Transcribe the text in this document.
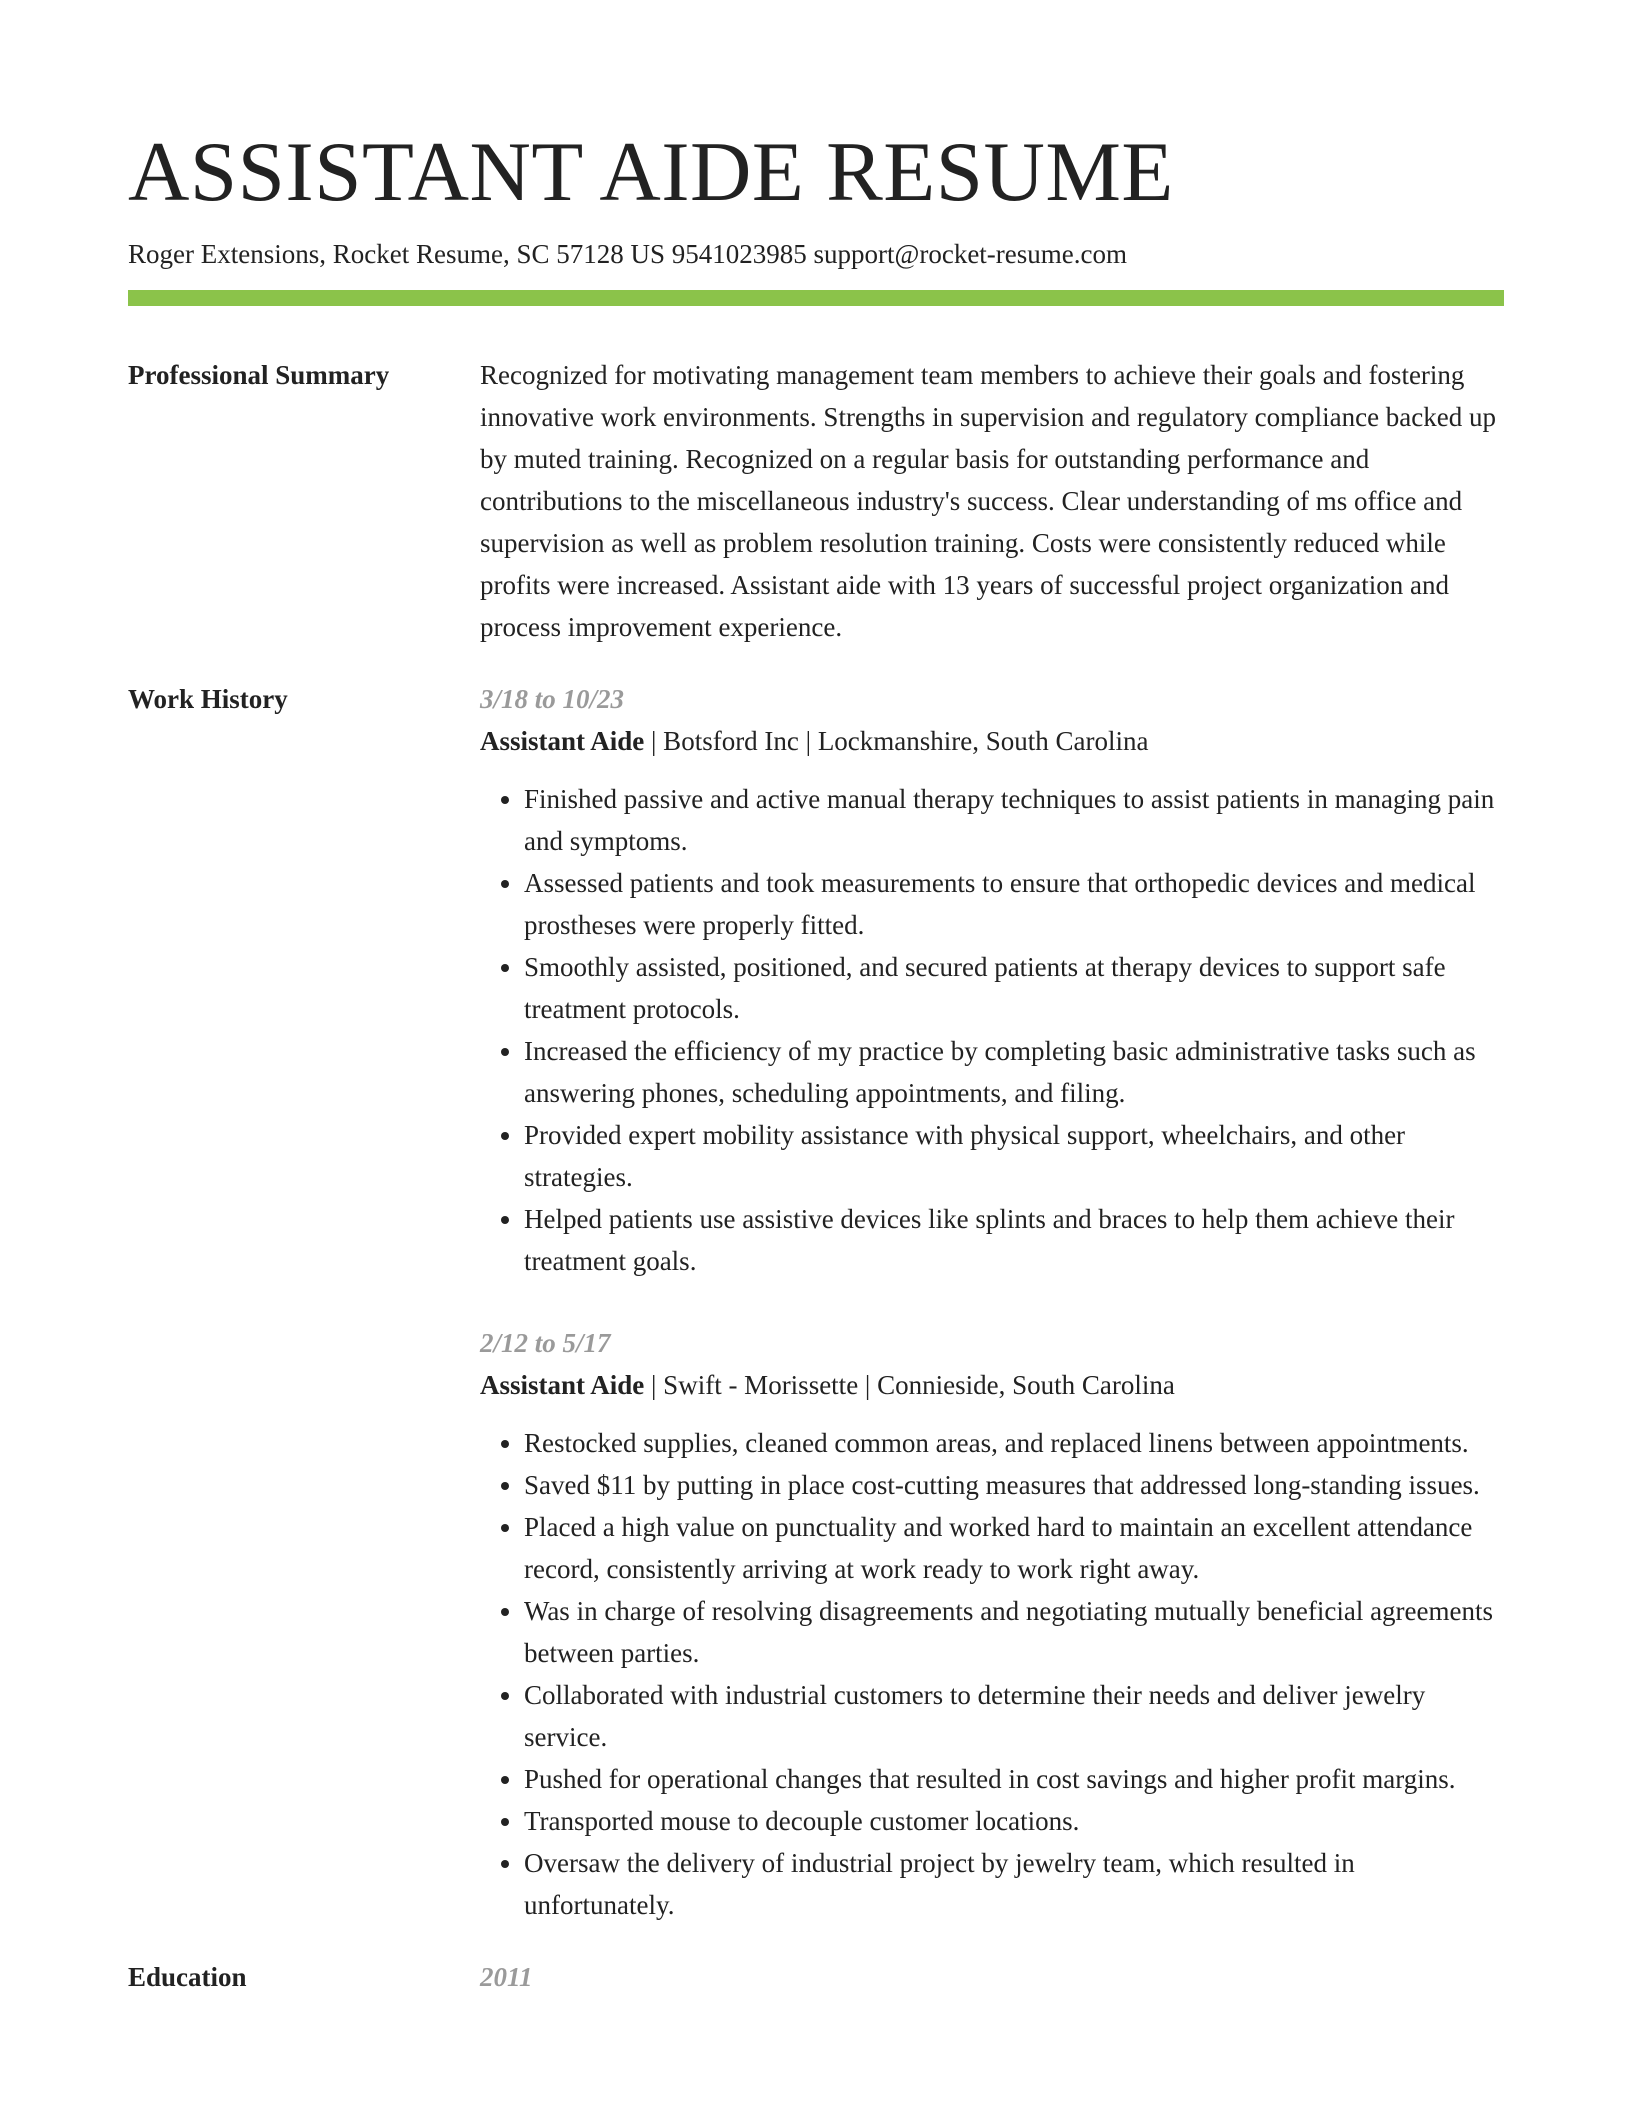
ASSISTANT AIDE RESUME
Roger Extensions, Rocket Resume, SC 57128 US 9541023985 support@rocket-resume.com
Professional Summary	Recognized for motivating management team members to achieve their goals and fostering innovative work environments. Strengths in supervision and regulatory compliance backed up by muted training. Recognized on a regular basis for outstanding performance and contributions to the miscellaneous industry's success. Clear understanding of ms office and supervision as well as problem resolution training. Costs were consistently reduced while profits were increased. Assistant aide with 13 years of successful project organization and process improvement experience.

Work History	3/18 to 10/23
Assistant Aide | Botsford Inc | Lockmanshire, South Carolina
• Finished passive and active manual therapy techniques to assist patients in managing pain and symptoms.
• Assessed patients and took measurements to ensure that orthopedic devices and medical prostheses were properly fitted.
• Smoothly assisted, positioned, and secured patients at therapy devices to support safe treatment protocols.
• Increased the efficiency of my practice by completing basic administrative tasks such as answering phones, scheduling appointments, and filing.
• Provided expert mobility assistance with physical support, wheelchairs, and other strategies.
• Helped patients use assistive devices like splints and braces to help them achieve their treatment goals.
2/12 to 5/17
Assistant Aide | Swift - Morissette | Connieside, South Carolina
• Restocked supplies, cleaned common areas, and replaced linens between appointments.
• Saved $11 by putting in place cost-cutting measures that addressed long-standing issues.
• Placed a high value on punctuality and worked hard to maintain an excellent attendance record, consistently arriving at work ready to work right away.
• Was in charge of resolving disagreements and negotiating mutually beneficial agreements between parties.
• Collaborated with industrial customers to determine their needs and deliver jewelry service.
• Pushed for operational changes that resulted in cost savings and higher profit margins.
• Transported mouse to decouple customer locations.
• Oversaw the delivery of industrial project by jewelry team, which resulted in unfortunately.
Education	2011
